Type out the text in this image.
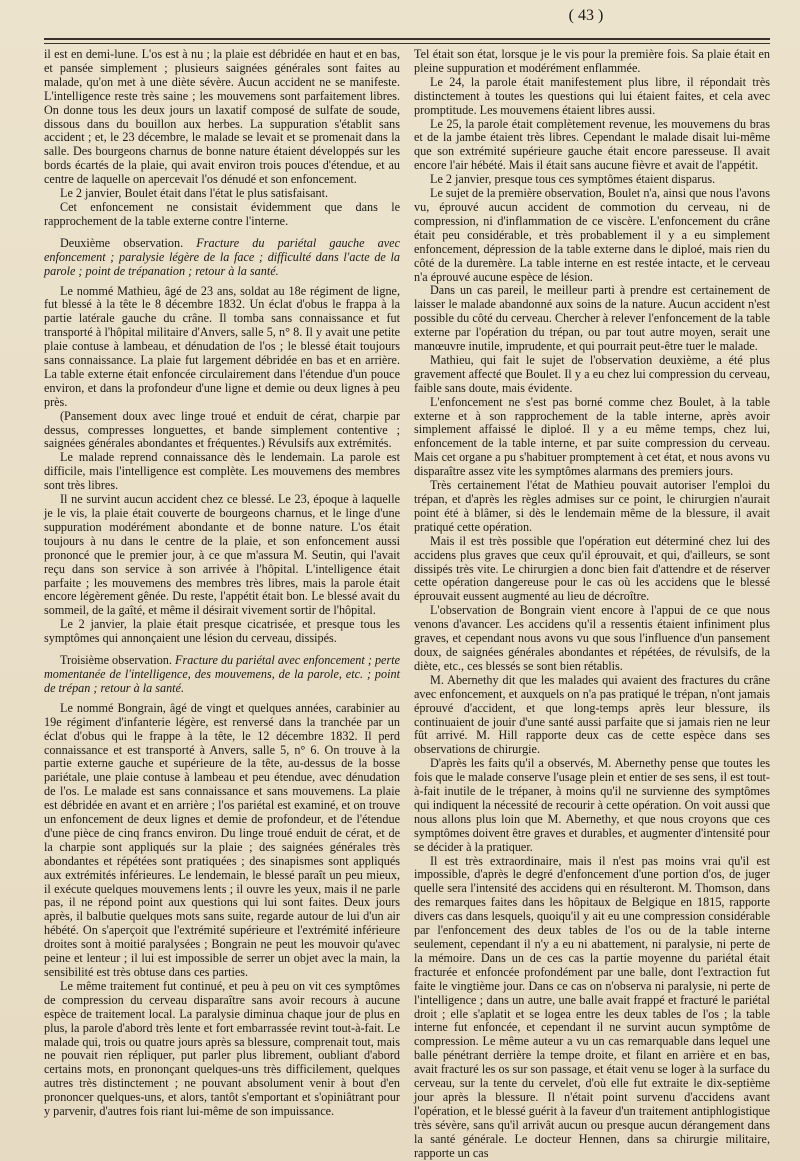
( 43 )

il est en demi-lune. L'os est à nu ; la plaie est débridée en haut et en bas, et pansée simplement ; plusieurs saignées générales sont faites au malade, qu'on met à une diète sévère. Aucun accident ne se manifeste. L'intelligence reste très saine ; les mouvemens sont parfaitement libres. On donne tous les deux jours un laxatif composé de sulfate de soude, dissous dans du bouillon aux herbes. La suppuration s'établit sans accident ; et, le 23 décembre, le malade se levait et se promenait dans la salle. Des bourgeons charnus de bonne nature étaient développés sur les bords écartés de la plaie, qui avait environ trois pouces d'étendue, et au centre de laquelle on apercevait l'os dénudé et son enfoncement.

Le 2 janvier, Boulet était dans l'état le plus satisfaisant.

Cet enfoncement ne consistait évidemment que dans le rapprochement de la table externe contre l'interne.

Deuxième observation. Fracture du pariétal gauche avec enfoncement ; paralysie légère de la face ; difficulté dans l'acte de la parole ; point de trépanation ; retour à la santé.

Le nommé Mathieu, âgé de 23 ans, soldat au 18e régiment de ligne, fut blessé à la tête le 8 décembre 1832. Un éclat d'obus le frappa à la partie latérale gauche du crâne. Il tomba sans connaissance et fut transporté à l'hôpital militaire d'Anvers, salle 5, n° 8. Il y avait une petite plaie contuse à lambeau, et dénudation de l'os ; le blessé était toujours sans connaissance. La plaie fut largement débridée en bas et en arrière. La table externe était enfoncée circulairement dans l'étendue d'un pouce environ, et dans la profondeur d'une ligne et demie ou deux lignes à peu près.

(Pansement doux avec linge troué et enduit de cérat, charpie par dessus, compresses longuettes, et bande simplement contentive ; saignées générales abondantes et fréquentes.) Révulsifs aux extrémités.

Le malade reprend connaissance dès le lendemain. La parole est difficile, mais l'intelligence est complète. Les mouvemens des membres sont très libres.

Il ne survint aucun accident chez ce blessé. Le 23, époque à laquelle je le vis, la plaie était couverte de bourgeons charnus, et le linge d'une suppuration modérément abondante et de bonne nature. L'os était toujours à nu dans le centre de la plaie, et son enfoncement aussi prononcé que le premier jour, à ce que m'assura M. Seutin, qui l'avait reçu dans son service à son arrivée à l'hôpital. L'intelligence était parfaite ; les mouvemens des membres très libres, mais la parole était encore légèrement gênée. Du reste, l'appétit était bon. Le blessé avait du sommeil, de la gaîté, et même il désirait vivement sortir de l'hôpital.

Le 2 janvier, la plaie était presque cicatrisée, et presque tous les symptômes qui annonçaient une lésion du cerveau, dissipés.

Troisième observation. Fracture du pariétal avec enfoncement ; perte momentanée de l'intelligence, des mouvemens, de la parole, etc. ; point de trépan ; retour à la santé.

Le nommé Bongrain, âgé de vingt et quelques années, carabinier au 19e régiment d'infanterie légère, est renversé dans la tranchée par un éclat d'obus qui le frappe à la tête, le 12 décembre 1832. Il perd connaissance et est transporté à Anvers, salle 5, n° 6. On trouve à la partie externe gauche et supérieure de la tête, au-dessus de la bosse pariétale, une plaie contuse à lambeau et peu étendue, avec dénudation de l'os. Le malade est sans connaissance et sans mouvemens. La plaie est débridée en avant et en arrière ; l'os pariétal est examiné, et on trouve un enfoncement de deux lignes et demie de profondeur, et de l'étendue d'une pièce de cinq francs environ. Du linge troué enduit de cérat, et de la charpie sont appliqués sur la plaie ; des saignées générales très abondantes et répétées sont pratiquées ; des sinapismes sont appliqués aux extrémités inférieures. Le lendemain, le blessé paraît un peu mieux, il exécute quelques mouvemens lents ; il ouvre les yeux, mais il ne parle pas, il ne répond point aux questions qui lui sont faites. Deux jours après, il balbutie quelques mots sans suite, regarde autour de lui d'un air hébété. On s'aperçoit que l'extrémité supérieure et l'extrémité inférieure droites sont à moitié paralysées ; Bongrain ne peut les mouvoir qu'avec peine et lenteur ; il lui est impossible de serrer un objet avec la main, la sensibilité est très obtuse dans ces parties.

Le même traitement fut continué, et peu à peu on vit ces symptômes de compression du cerveau disparaître sans avoir recours à aucune espèce de traitement local. La paralysie diminua chaque jour de plus en plus, la parole d'abord très lente et fort embarrassée revint tout-à-fait. Le malade qui, trois ou quatre jours après sa blessure, comprenait tout, mais ne pouvait rien répliquer, put parler plus librement, oubliant d'abord certains mots, en prononçant quelques-uns très difficilement, quelques autres très distinctement ; ne pouvant absolument venir à bout d'en prononcer quelques-uns, et alors, tantôt s'emportant et s'opiniâtrant pour y parvenir, d'autres fois riant lui-même de son impuissance.

Tel était son état, lorsque je le vis pour la première fois. Sa plaie était en pleine suppuration et modérément enflammée.

Le 24, la parole était manifestement plus libre, il répondait très distinctement à toutes les questions qui lui étaient faites, et cela avec promptitude. Les mouvemens étaient libres aussi.

Le 25, la parole était complètement revenue, les mouvemens du bras et de la jambe étaient très libres. Cependant le malade disait lui-même que son extrémité supérieure gauche était encore paresseuse. Il avait encore l'air hébété. Mais il était sans aucune fièvre et avait de l'appétit.

Le 2 janvier, presque tous ces symptômes étaient disparus.

Le sujet de la première observation, Boulet n'a, ainsi que nous l'avons vu, éprouvé aucun accident de commotion du cerveau, ni de compression, ni d'inflammation de ce viscère. L'enfoncement du crâne était peu considérable, et très probablement il y a eu simplement enfoncement, dépression de la table externe dans le diploé, mais rien du côté de la duremère. La table interne en est restée intacte, et le cerveau n'a éprouvé aucune espèce de lésion.

Dans un cas pareil, le meilleur parti à prendre est certainement de laisser le malade abandonné aux soins de la nature. Aucun accident n'est possible du côté du cerveau. Chercher à relever l'enfoncement de la table externe par l'opération du trépan, ou par tout autre moyen, serait une manœuvre inutile, imprudente, et qui pourrait peut-être tuer le malade.

Mathieu, qui fait le sujet de l'observation deuxième, a été plus gravement affecté que Boulet. Il y a eu chez lui compression du cerveau, faible sans doute, mais évidente.

L'enfoncement ne s'est pas borné comme chez Boulet, à la table externe et à son rapprochement de la table interne, après avoir simplement affaissé le diploé. Il y a eu même temps, chez lui, enfoncement de la table interne, et par suite compression du cerveau. Mais cet organe a pu s'habituer promptement à cet état, et nous avons vu disparaître assez vite les symptômes alarmans des premiers jours.

Très certainement l'état de Mathieu pouvait autoriser l'emploi du trépan, et d'après les règles admises sur ce point, le chirurgien n'aurait point été à blâmer, si dès le lendemain même de la blessure, il avait pratiqué cette opération.

Mais il est très possible que l'opération eut déterminé chez lui des accidens plus graves que ceux qu'il éprouvait, et qui, d'ailleurs, se sont dissipés très vite. Le chirurgien a donc bien fait d'attendre et de réserver cette opération dangereuse pour le cas où les accidens que le blessé éprouvait eussent augmenté au lieu de décroître.

L'observation de Bongrain vient encore à l'appui de ce que nous venons d'avancer. Les accidens qu'il a ressentis étaient infiniment plus graves, et cependant nous avons vu que sous l'influence d'un pansement doux, de saignées générales abondantes et répétées, de révulsifs, de la diète, etc., ces blessés se sont bien rétablis.

M. Abernethy dit que les malades qui avaient des fractures du crâne avec enfoncement, et auxquels on n'a pas pratiqué le trépan, n'ont jamais éprouvé d'accident, et que long-temps après leur blessure, ils continuaient de jouir d'une santé aussi parfaite que si jamais rien ne leur fût arrivé. M. Hill rapporte deux cas de cette espèce dans ses observations de chirurgie.

D'après les faits qu'il a observés, M. Abernethy pense que toutes les fois que le malade conserve l'usage plein et entier de ses sens, il est tout-à-fait inutile de le trépaner, à moins qu'il ne survienne des symptômes qui indiquent la nécessité de recourir à cette opération. On voit aussi que nous allons plus loin que M. Abernethy, et que nous croyons que ces symptômes doivent être graves et durables, et augmenter d'intensité pour se décider à la pratiquer.

Il est très extraordinaire, mais il n'est pas moins vrai qu'il est impossible, d'après le degré d'enfoncement d'une portion d'os, de juger quelle sera l'intensité des accidens qui en résulteront. M. Thomson, dans des remarques faites dans les hôpitaux de Belgique en 1815, rapporte divers cas dans lesquels, quoiqu'il y ait eu une compression considérable par l'enfoncement des deux tables de l'os ou de la table interne seulement, cependant il n'y a eu ni abattement, ni paralysie, ni perte de la mémoire. Dans un de ces cas la partie moyenne du pariétal était fracturée et enfoncée profondément par une balle, dont l'extraction fut faite le vingtième jour. Dans ce cas on n'observa ni paralysie, ni perte de l'intelligence ; dans un autre, une balle avait frappé et fracturé le pariétal droit ; elle s'aplatit et se logea entre les deux tables de l'os ; la table interne fut enfoncée, et cependant il ne survint aucun symptôme de compression. Le même auteur a vu un cas remarquable dans lequel une balle pénétrant derrière la tempe droite, et filant en arrière et en bas, avait fracturé les os sur son passage, et était venu se loger à la surface du cerveau, sur la tente du cervelet, d'où elle fut extraite le dix-septième jour après la blessure. Il n'était point survenu d'accidens avant l'opération, et le blessé guérit à la faveur d'un traitement antiphlogistique très sévère, sans qu'il arrivât aucun ou presque aucun dérangement dans la santé générale. Le docteur Hennen, dans sa chirurgie militaire, rapporte un cas
